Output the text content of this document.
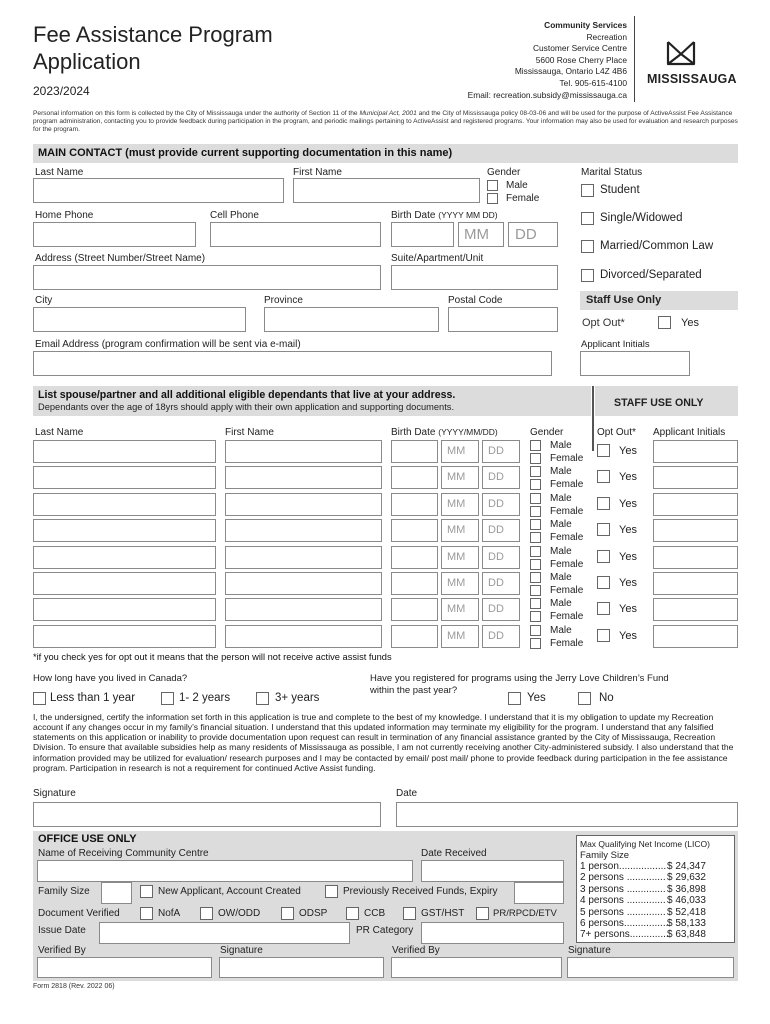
Fee Assistance Program
Application
2023/2024
Community Services
Recreation
Customer Service Centre
5600 Rose Cherry Place
Mississauga, Ontario L4Z 4B6
Tel. 905-615-4100
Email: recreation.subsidy@mississauga.ca
MISSISSAUGA
Personal information on this form is collected by the City of Mississauga under the authority of Section 11 of the Municipal Act, 2001 and the City of Mississauga policy 08-03-06 and will be used for the purpose of ActiveAssist Fee Assistance program administration, contacting you to provide feedback during participation in the program, and periodic mailings pertaining to ActiveAssist and registered programs. Your information may also be used for evaluation and research purposes for the program.
MAIN CONTACT (must provide current supporting documentation in this name)
Last Name	First Name	Gender
Male
Female
Home Phone	Cell Phone	Birth Date (YYYY MM DD)
MM DD
Address (Street Number/Street Name)	Suite/Apartment/Unit
City	Province	Postal Code
Email Address (program confirmation will be sent via e-mail)
Marital Status
Student
Single/Widowed
Married/Common Law
Divorced/Separated
Staff Use Only
Opt Out*	Yes
Applicant Initials
List spouse/partner and all additional eligible dependants that live at your address.
Dependants over the age of 18yrs should apply with their own application and supporting documents.	STAFF USE ONLY
Last Name	First Name	Birth Date (YYYY/MM/DD)	Gender	Opt Out* Applicant Initials
MM DD	Male
Female
Yes
MM DD	Male
Female
Yes
MM DD	Male
Female
Yes
MM DD	Male
Female
Yes
MM DD	Male
Female
Yes
MM DD	Male
Female
Yes
MM DD	Male
Female
Yes
MM DD	Male
Female
Yes
*if you check yes for opt out it means that the person will not receive active assist funds
How long have you lived in Canada?
Less than 1 year	1- 2 years	3+ years
Have you registered for programs using the Jerry Love Children’s Fund
within the past year?
Yes	No
I, the undersigned, certify the information set forth in this application is true and complete to the best of my knowledge. I understand that it is my obligation to update my Recreation account if any changes occur in my family’s financial situation. I understand that this updated information may terminate my eligibility for the program. I understand that any falsified statements on this application or inability to provide documentation upon request can result in termination of any financial assistance granted by the City of Mississauga, Recreation Division. To ensure that available subsidies help as many residents of Mississauga as possible, I am not currently receiving another City-administered subsidy. I also understand that the information provided may be utilized for evaluation/ research purposes and I may be contacted by email/ post mail/ phone to provide feedback during participation in the fee assistance program. Participation in research is not a requirement for continued Active Assist funding.
Signature	Date
OFFICE USE ONLY
Name of Receiving Community Centre	Date Received
Family Size	New Applicant, Account Created	Previously Received Funds, Expiry
Document Verified	NofA	OW/ODD	ODSP	CCB	GST/HST	PR/RPCD/ETV
Issue Date	PR Category
Verified By	Signature	Verified By	Signature
Max Qualifying Net Income (LICO)
Family Size
1 person................. $ 24,347
2 persons .............. $ 29,632
3 persons .............. $ 36,898
4 persons .............. $ 46,033
5 persons .............. $ 52,418
6 persons................
$ 58,133
7+ persons..............
$ 63,848
Form 2818 (Rev. 2022 06)
